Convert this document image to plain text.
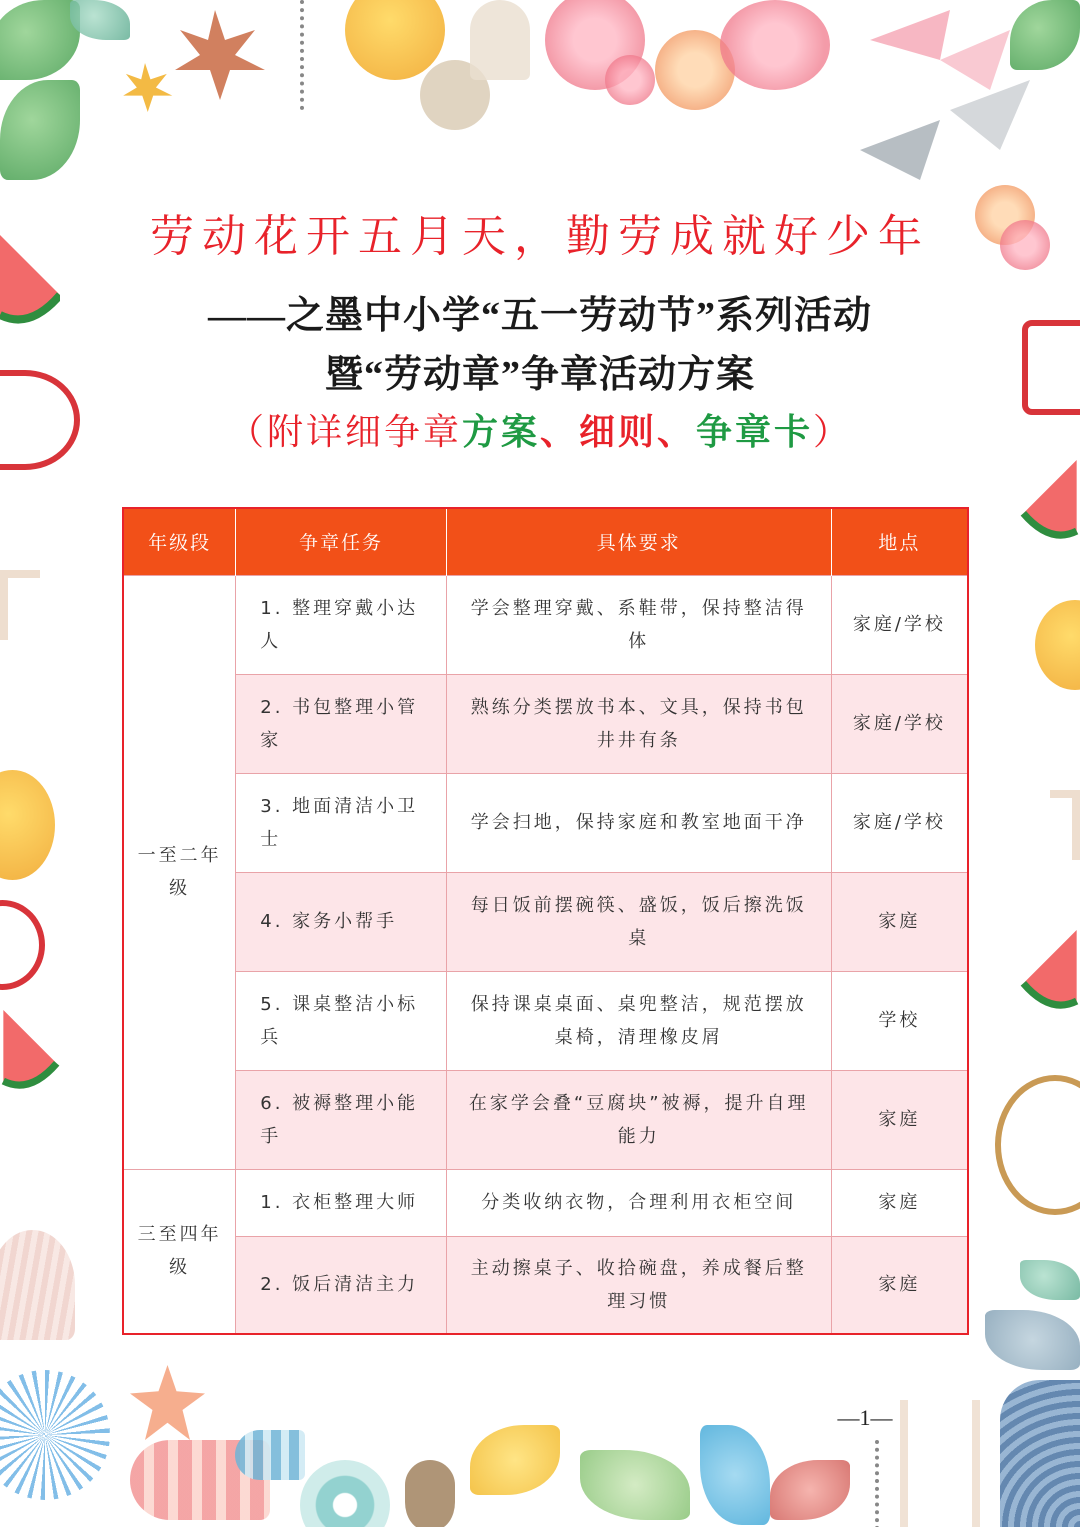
劳动花开五月天，勤劳成就好少年
——之墨中小学“五一劳动节”系列活动
暨“劳动章”争章活动方案
（附详细争章方案、细则、争章卡）
年级段	争章任务	具体要求	地点
一至二年级	1. 整理穿戴小达人	学会整理穿戴、系鞋带，保持整洁得体	家庭/学校
	2. 书包整理小管家	熟练分类摆放书本、文具，保持书包井井有条	家庭/学校
	3. 地面清洁小卫士	学会扫地，保持家庭和教室地面干净	家庭/学校
	4. 家务小帮手	每日饭前摆碗筷、盛饭，饭后擦洗饭桌	家庭
	5. 课桌整洁小标兵	保持课桌桌面、桌兜整洁，规范摆放桌椅，清理橡皮屑	学校
	6. 被褥整理小能手	在家学会叠“豆腐块”被褥，提升自理能力	家庭
三至四年级	1. 衣柜整理大师	分类收纳衣物，合理利用衣柜空间	家庭
	2. 饭后清洁主力	主动擦桌子、收拾碗盘，养成餐后整理习惯	家庭
—1—
